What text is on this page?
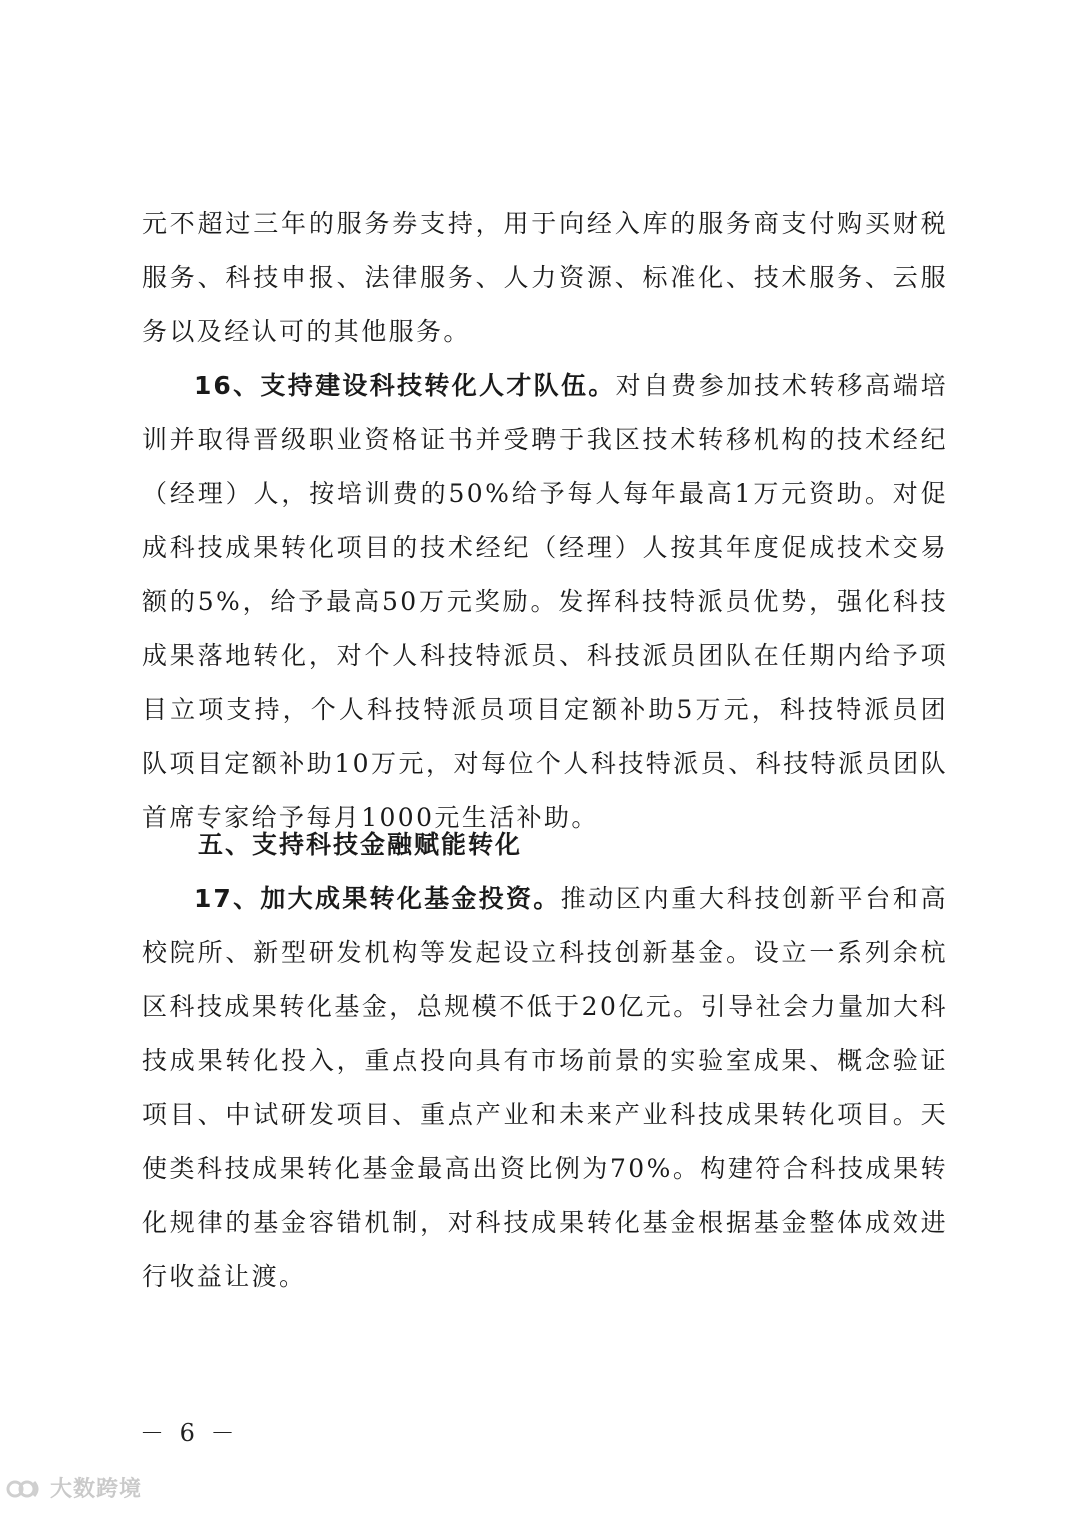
元不超过三年的服务券支持，用于向经入库的服务商支付购买财税服务、科技申报、法律服务、人力资源、标准化、技术服务、云服务以及经认可的其他服务。

16、支持建设科技转化人才队伍。对自费参加技术转移高端培训并取得晋级职业资格证书并受聘于我区技术转移机构的技术经纪（经理）人，按培训费的50%给予每人每年最高1万元资助。对促成科技成果转化项目的技术经纪（经理）人按其年度促成技术交易额的5%，给予最高50万元奖励。发挥科技特派员优势，强化科技成果落地转化，对个人科技特派员、科技派员团队在任期内给予项目立项支持，个人科技特派员项目定额补助5万元，科技特派员团队项目定额补助10万元，对每位个人科技特派员、科技特派员团队首席专家给予每月1000元生活补助。

五、支持科技金融赋能转化

17、加大成果转化基金投资。推动区内重大科技创新平台和高校院所、新型研发机构等发起设立科技创新基金。设立一系列余杭区科技成果转化基金，总规模不低于20亿元。引导社会力量加大科技成果转化投入，重点投向具有市场前景的实验室成果、概念验证项目、中试研发项目、重点产业和未来产业科技成果转化项目。天使类科技成果转化基金最高出资比例为70%。构建符合科技成果转化规律的基金容错机制，对科技成果转化基金根据基金整体成效进行收益让渡。

－ 6 －
大数跨境
